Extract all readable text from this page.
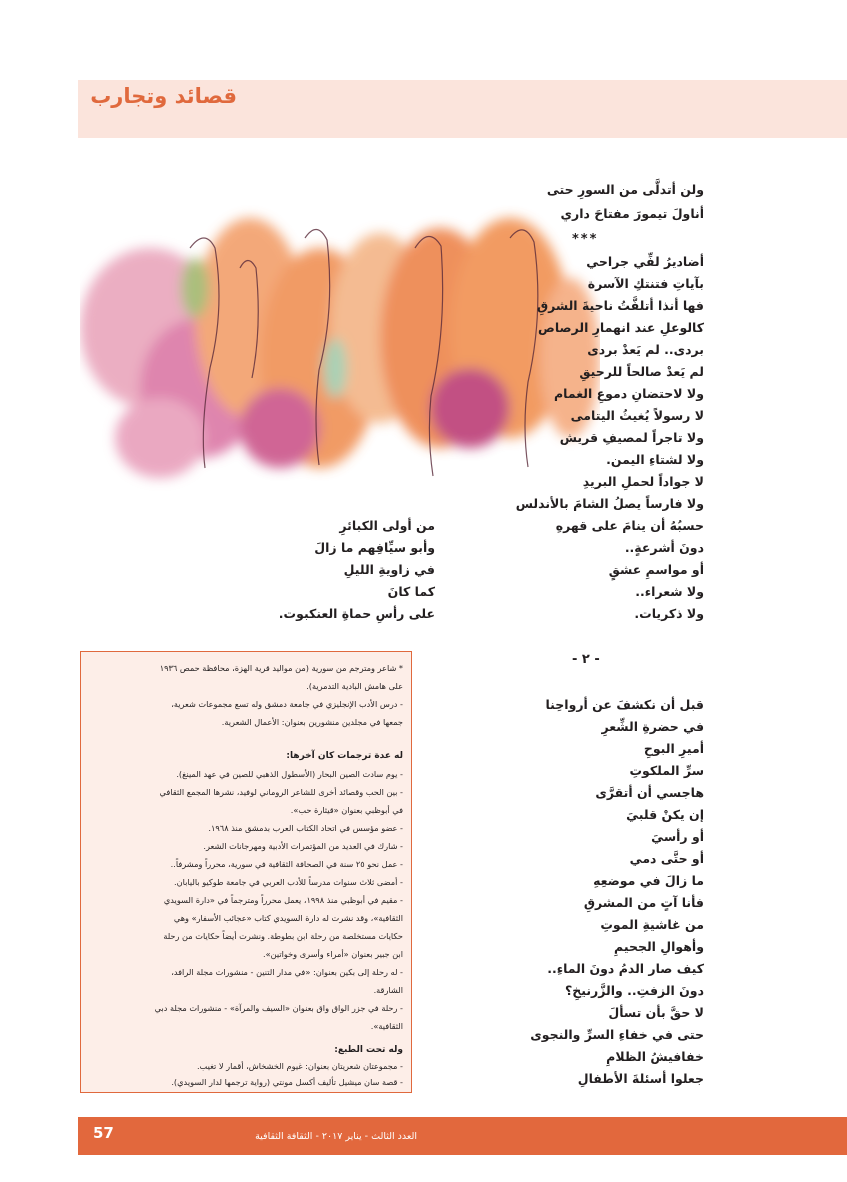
قصائد وتجارب
ولن أتدلَّى من السورِ حتى
أناولَ تيمورَ مفتاحَ داري
***
أضاديرُ لفِّي جراحي
بآياتِ فتنتكِ الآسرة
فها أنذا أتلفَّتُ ناحيةَ الشرقِ
كالوعلِ عند انهمارِ الرصاص
بردى.. لم يَعدْ بردى
لم يَعدْ صالحاً للرحيقِ
ولا لاحتضانِ دموعِ الغمام
لا رسولاً يُغيثُ اليتامى
ولا تاجراً لمصيفِ قريش
ولا لشتاءِ اليمن.
لا جواداً لحملِ البريدِ
ولا فارساً يصلُ الشامَ بالأندلس
حسبُهُ أن ينامَ على قهرهِ
دونَ أشرعةٍ..
أو مواسمِ عشقٍ
ولا شعراء..
ولا ذكريات.
من أولى الكبائرِ
وأبو سيِّافِهم ما زالَ
في زاويةِ الليلِ
كما كانَ
على رأسِ حماةِ العنكبوت.
- ٢ -
قبل أن نكشفَ عن أرواحِنا
في حضرةِ الشِّعرِ
أميرِ البوحِ
سرِّ الملكوتِ
هاجسي أن أتقرَّى
إن يكنْ قلبيَ
أو رأسيَ
أو حتَّى دمي
ما زالَ في موضعِهِ
فأنا آتٍ من المشرقِ
من غاشيةِ الموتِ
وأهوالِ الجحيمِ
كيف صار الدمُ دونَ الماءِ..
دونَ الزفتِ.. والزَّرنيخِ؟
لا حقَّ بأن تسألَ
حتى في خفاءِ السرِّ والنجوى
خفافيشُ الظلامِ
جعلوا أسئلةَ الأطفالِ
* شاعر ومترجم من سورية (من مواليد قرية الهزة، محافظة حمص ١٩٣٦
على هامش البادية التدمرية).
- درس الأدب الإنجليزي في جامعة دمشق وله تسع مجموعات شعرية،
جمعها في مجلدين منشورين بعنوان: الأعمال الشعرية.
له عدة ترجمات كان آخرها:
- يوم سادت الصين البحار (الأسطول الذهبي للصين في عهد المينغ).
- بين الحب وقصائد أخرى للشاعر الروماني لوفيد، نشرها المجمع الثقافي
في أبوظبي بعنوان «قيثارة حب».
- عضو مؤسس في اتحاد الكتاب العرب بدمشق منذ ١٩٦٨.
- شارك في العديد من المؤتمرات الأدبية ومهرجانات الشعر.
- عمل نحو ٢٥ سنة في الصحافة الثقافية في سورية، محرراً ومشرفاً..
- أمضى ثلاث سنوات مدرساً للأدب العربي في جامعة طوكيو باليابان.
- مقيم في أبوظبي منذ ١٩٩٨، يعمل محرراً ومترجماً في «دارة السويدي
الثقافية»، وقد نشرت له دارة السويدي كتاب «عجائب الأسفار» وهي
حكايات مستخلصة من رحلة ابن بطوطة. ونشرت أيضاً حكايات من رحلة
ابن جبير بعنوان «أمراء وأسرى وخواتين».
- له رحلة إلى بكين بعنوان: «في مدار التنين - منشورات مجلة الرافد،
الشارقة.
- رحلة في جزر الواق واق بعنوان «السيف والمرآة» - منشورات مجلة دبي
الثقافية».
وله تحت الطبع:
- مجموعتان شعريتان بعنوان: غيوم الخشخاش، أقمار لا تغيب.
- قصة سان ميشيل تأليف أكسل مونتي (رواية ترجمها لدار السويدي).
العدد الثالث - يناير ٢٠١٧ - الثقافة الثقافية
57
